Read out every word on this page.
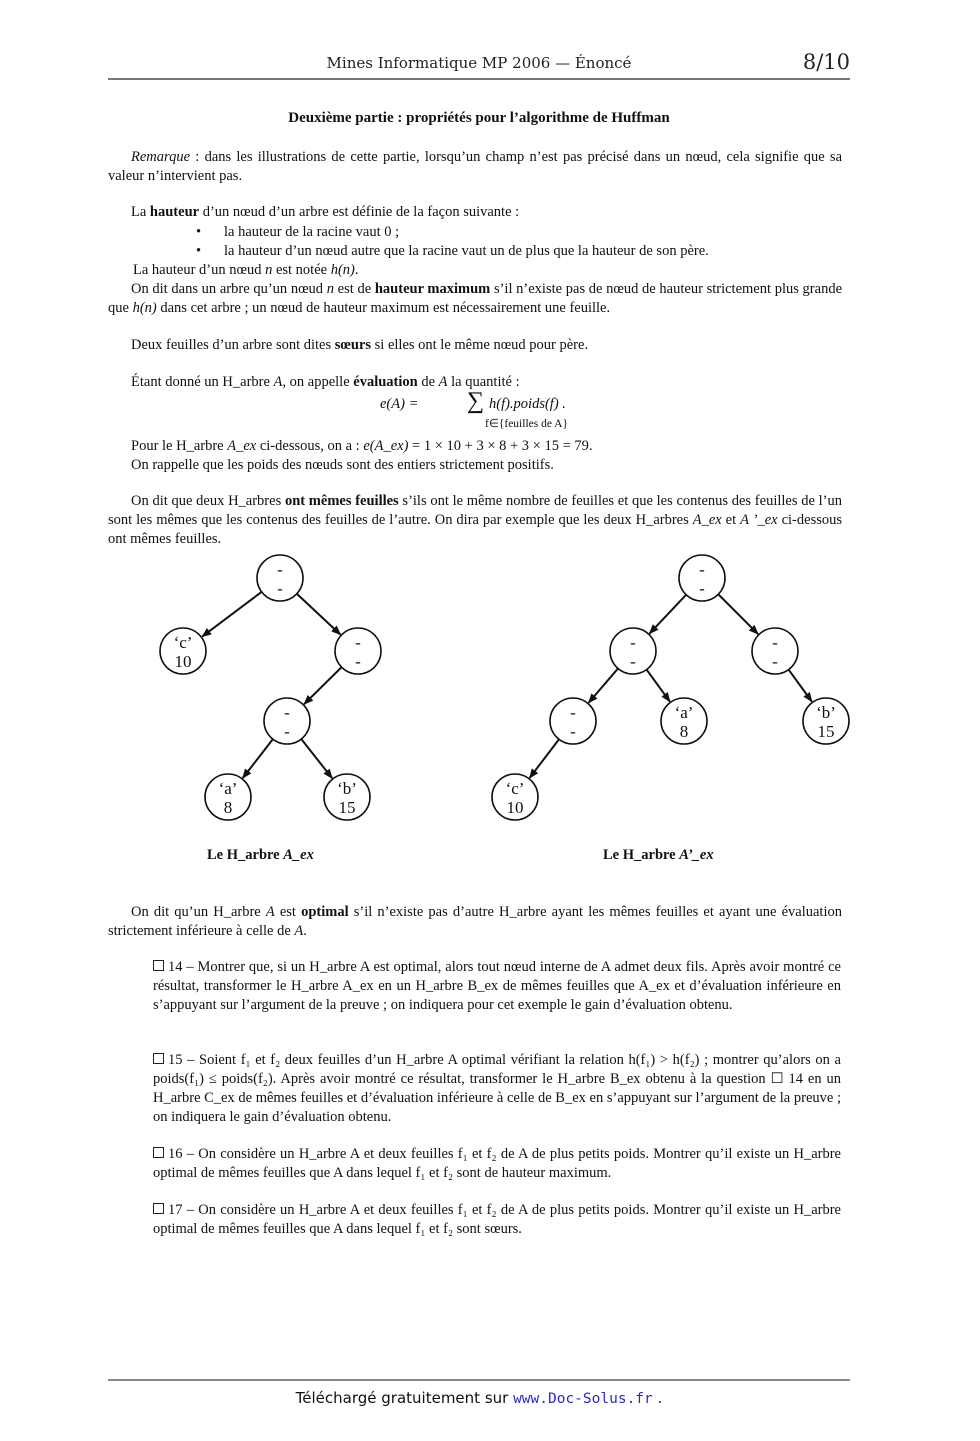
Mines Informatique MP 2006 — Énoncé	8/10
Deuxième partie : propriétés pour l’algorithme de Huffman
Remarque : dans les illustrations de cette partie, lorsqu’un champ n’est pas précisé dans un nœud, cela signifie que sa valeur n’intervient pas.
La hauteur d’un nœud d’un arbre est définie de la façon suivante :
• la hauteur de la racine vaut 0 ;
• la hauteur d’un nœud autre que la racine vaut un de plus que la hauteur de son père.
La hauteur d’un nœud n est notée h(n).
On dit dans un arbre qu’un nœud n est de hauteur maximum s’il n’existe pas de nœud de hauteur strictement plus grande que h(n) dans cet arbre ; un nœud de hauteur maximum est nécessairement une feuille.
Deux feuilles d’un arbre sont dites sœurs si elles ont le même nœud pour père.
Étant donné un H_arbre A, on appelle évaluation de A la quantité :
e(A) = ∑ h(f).poids(f) .
f∈{feuilles de A}
Pour le H_arbre A_ex ci-dessous, on a : e(A_ex) = 1 × 10 + 3 × 8 + 3 × 15 = 79.
On rappelle que les poids des nœuds sont des entiers strictement positifs.
On dit que deux H_arbres ont mêmes feuilles s’ils ont le même nombre de feuilles et que les contenus des feuilles de l’un sont les mêmes que les contenus des feuilles de l’autre. On dira par exemple que les deux H_arbres A_ex et A ’_ex ci-dessous ont mêmes feuilles.
-
-
‘c’
10
-
-
-
-
‘a’
8
‘b’
15
-
-
-
-
-
-
-
-
‘a’
8
‘b’
15
‘c’
10
Le H_arbre A_ex	Le H_arbre A’_ex
On dit qu’un H_arbre A est optimal s’il n’existe pas d’autre H_arbre ayant les mêmes feuilles et ayant une évaluation strictement inférieure à celle de A.
14 – Montrer que, si un H_arbre A est optimal, alors tout nœud interne de A admet deux fils. Après avoir montré ce résultat, transformer le H_arbre A_ex en un H_arbre B_ex de mêmes feuilles que A_ex et d’évaluation inférieure en s’appuyant sur l’argument de la preuve ; on indiquera pour cet exemple le gain d’évaluation obtenu.
15 – Soient f₁ et f₂ deux feuilles d’un H_arbre A optimal vérifiant la relation h(f₁) > h(f₂) ; montrer qu’alors on a poids(f₁) ≤ poids(f₂). Après avoir montré ce résultat, transformer le H_arbre B_ex obtenu à la question ☐ 14 en un H_arbre C_ex de mêmes feuilles et d’évaluation inférieure à celle de B_ex en s’appuyant sur l’argument de la preuve ; on indiquera le gain d’évaluation obtenu.
16 – On considère un H_arbre A et deux feuilles f₁ et f₂ de A de plus petits poids. Montrer qu’il existe un H_arbre optimal de mêmes feuilles que A dans lequel f₁ et f₂ sont de hauteur maximum.
17 – On considère un H_arbre A et deux feuilles f₁ et f₂ de A de plus petits poids. Montrer qu’il existe un H_arbre optimal de mêmes feuilles que A dans lequel f₁ et f₂ sont sœurs.
Téléchargé gratuitement sur www.Doc-Solus.fr .
